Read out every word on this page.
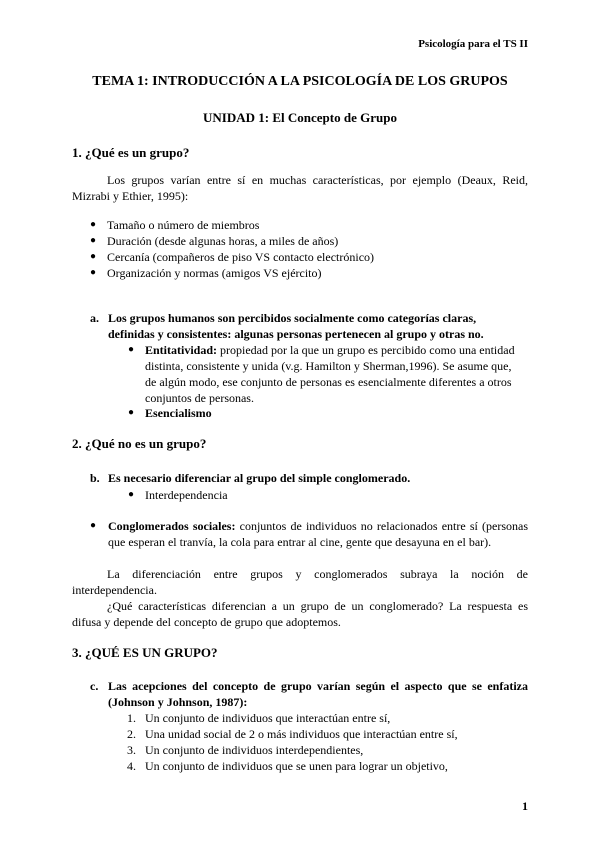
Psicología para el TS II
TEMA 1: INTRODUCCIÓN A LA PSICOLOGÍA DE LOS GRUPOS
UNIDAD 1: El Concepto de Grupo
1. ¿Qué es un grupo?
Los grupos varían entre sí en muchas características, por ejemplo (Deaux, Reid,
Mizrabi y Ethier, 1995):
● Tamaño o número de miembros
● Duración (desde algunas horas, a miles de años)
● Cercanía (compañeros de piso VS contacto electrónico)
● Organización y normas (amigos VS ejército)
a. Los grupos humanos son percibidos socialmente como categorías claras,
definidas y consistentes: algunas personas pertenecen al grupo y otras no.
● Entitatividad: propiedad por la que un grupo es percibido como una entidad
distinta, consistente y unida (v.g. Hamilton y Sherman,1996). Se asume que,
de algún modo, ese conjunto de personas es esencialmente diferentes a otros
conjuntos de personas.
● Esencialismo
2. ¿Qué no es un grupo?
b. Es necesario diferenciar al grupo del simple conglomerado.
● Interdependencia
● Conglomerados sociales: conjuntos de individuos no relacionados entre sí (personas
que esperan el tranvía, la cola para entrar al cine, gente que desayuna en el bar).
La diferenciación entre grupos y conglomerados subraya la noción de
interdependencia.
¿Qué características diferencian a un grupo de un conglomerado? La respuesta es
difusa y depende del concepto de grupo que adoptemos.
3. ¿QUÉ ES UN GRUPO?
c. Las acepciones del concepto de grupo varían según el aspecto que se enfatiza
(Johnson y Johnson, 1987):
1. Un conjunto de individuos que interactúan entre sí,
2. Una unidad social de 2 o más individuos que interactúan entre sí,
3. Un conjunto de individuos interdependientes,
4. Un conjunto de individuos que se unen para lograr un objetivo,
1
